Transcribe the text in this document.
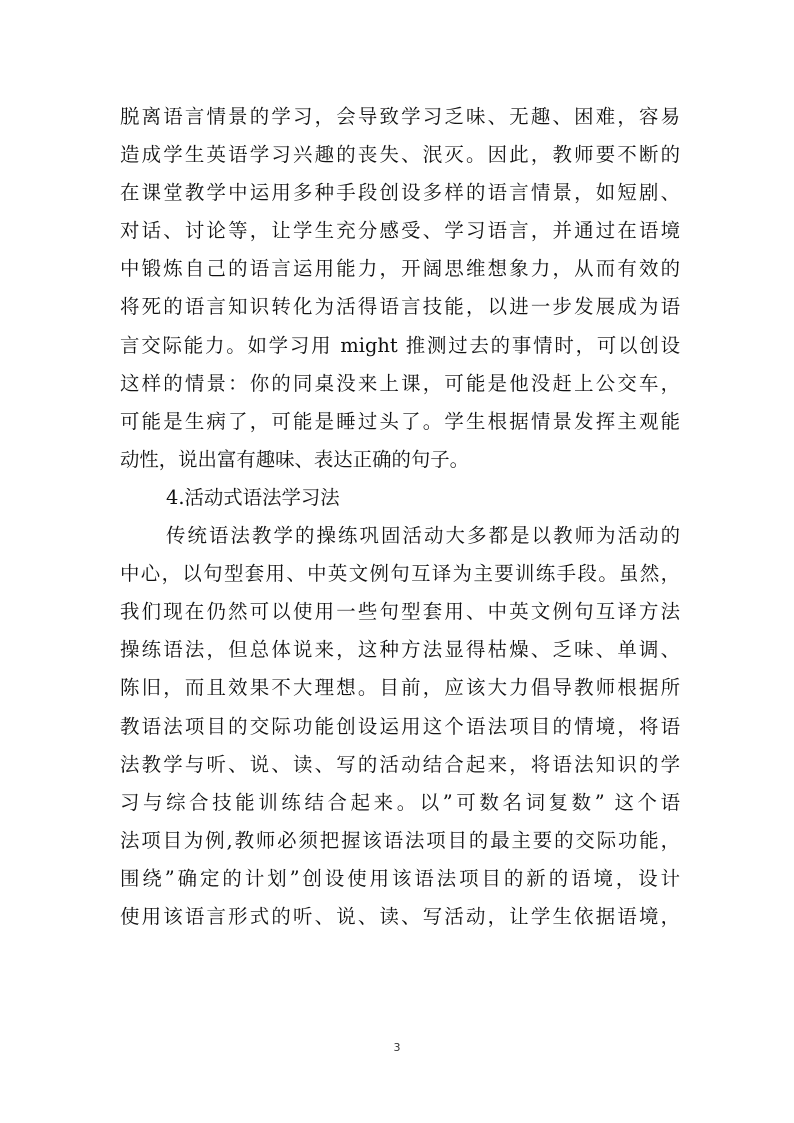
脱离语言情景的学习，会导致学习乏味、无趣、困难，容易
造成学生英语学习兴趣的丧失、泯灭。因此，教师要不断的
在课堂教学中运用多种手段创设多样的语言情景，如短剧、
对话、讨论等，让学生充分感受、学习语言，并通过在语境
中锻炼自己的语言运用能力，开阔思维想象力，从而有效的
将死的语言知识转化为活得语言技能，以进一步发展成为语
言交际能力。如学习用 might 推测过去的事情时，可以创设
这样的情景：你的同桌没来上课，可能是他没赶上公交车，
可能是生病了，可能是睡过头了。学生根据情景发挥主观能
动性，说出富有趣味、表达正确的句子。
4.活动式语法学习法
传统语法教学的操练巩固活动大多都是以教师为活动的
中心，以句型套用、中英文例句互译为主要训练手段。虽然，
我们现在仍然可以使用一些句型套用、中英文例句互译方法
操练语法，但总体说来，这种方法显得枯燥、乏味、单调、
陈旧，而且效果不大理想。目前，应该大力倡导教师根据所
教语法项目的交际功能创设运用这个语法项目的情境，将语
法教学与听、说、读、写的活动结合起来，将语法知识的学
习与综合技能训练结合起来。以”可数名词复数” 这个语
法项目为例,教师必须把握该语法项目的最主要的交际功能，
围绕”确定的计划”创设使用该语法项目的新的语境，设计
使用该语言形式的听、说、读、写活动，让学生依据语境，
3
